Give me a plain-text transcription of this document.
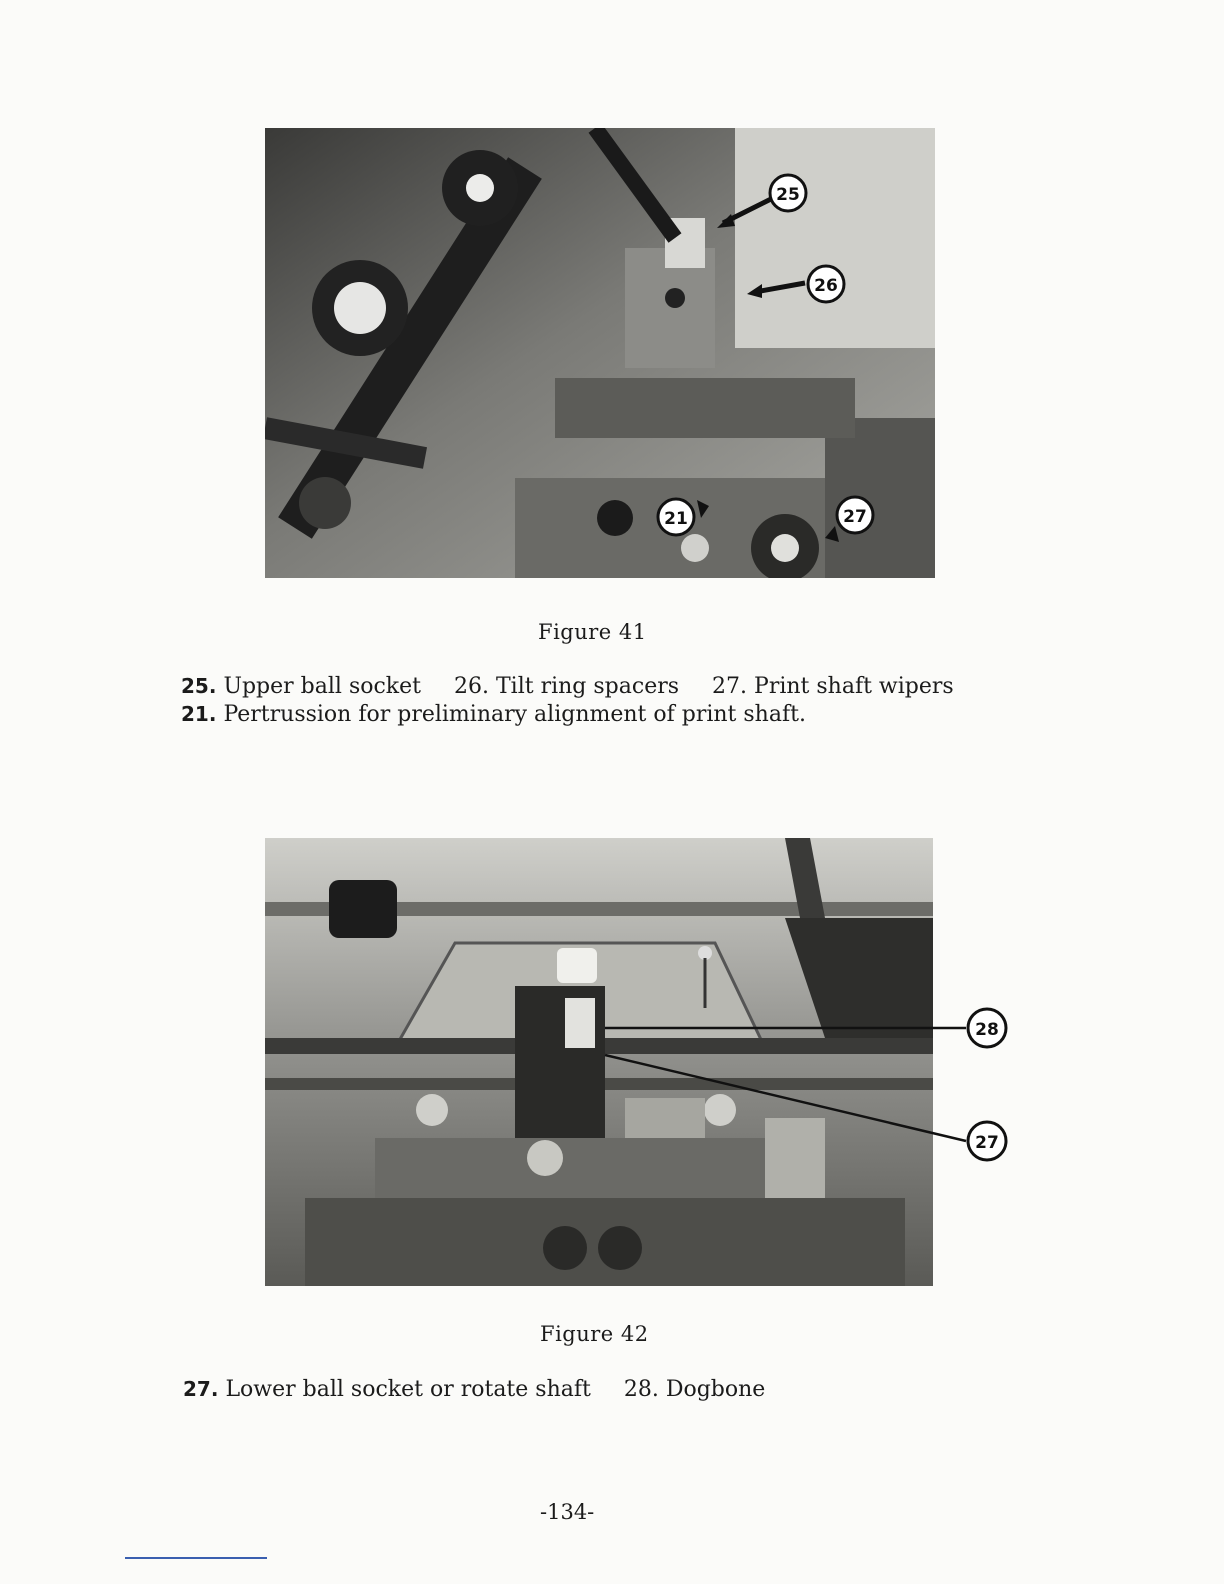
25
26
21	27
Figure 41
25. Upper ball socket 26. Tilt ring spacers 27. Print shaft wipers
21. Pertrussion for preliminary alignment of print shaft.
28
27
Figure 42
27. Lower ball socket or rotate shaft 28. Dogbone
-134-
